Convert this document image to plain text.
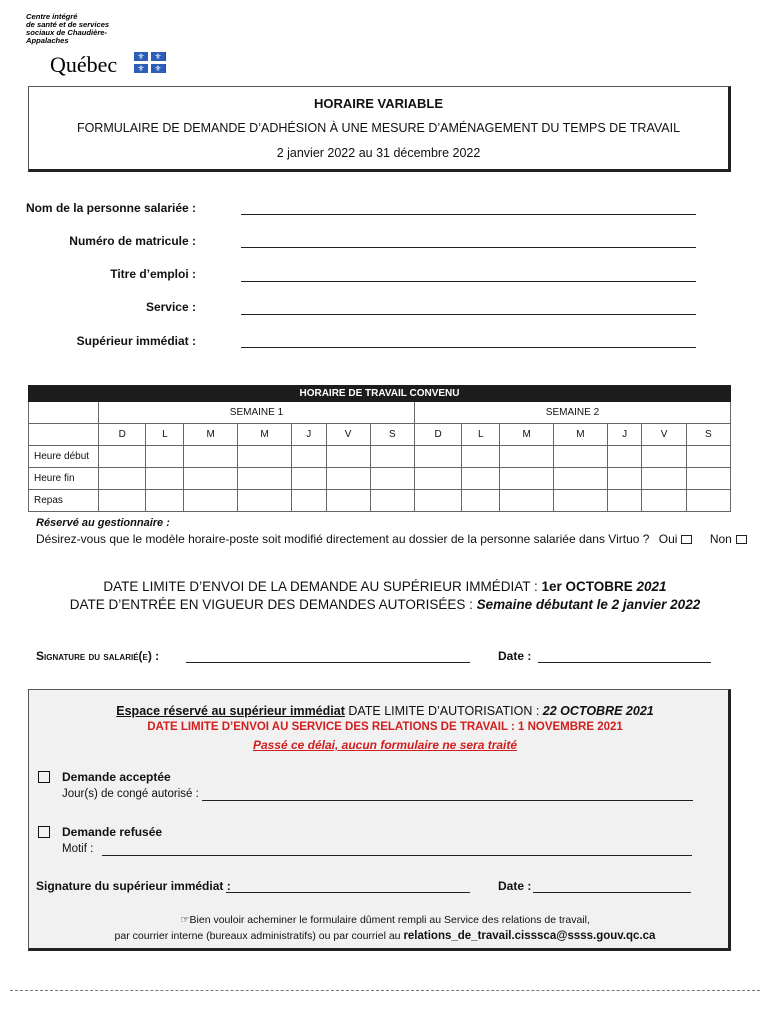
Centre intégré
de santé et de services
sociaux de Chaudière-
Appalaches
Québec	⚜	⚜
⚜	⚜
HORAIRE VARIABLE
FORMULAIRE DE DEMANDE D’ADHÉSION À UNE MESURE D’AMÉNAGEMENT DU TEMPS DE TRAVAIL
2 janvier 2022 au 31 décembre 2022
Nom de la personne salariée :
Numéro de matricule :
Titre d’emploi :
Service :
Supérieur immédiat :
HORAIRE DE TRAVAIL CONVENU														
	SEMAINE 1							SEMAINE 2						
	D	L	M	M	J	V	S	D	L	M	M	J	V	S
Heure début														
Heure fin														
Repas														
Réservé au gestionnaire :
Désirez-vous que le modèle horaire-poste soit modifié directement au dossier de la personne salariée dans Virtuo ? Oui	Non
DATE LIMITE D’ENVOI DE LA DEMANDE AU SUPÉRIEUR IMMÉDIAT : 1er OCTOBRE 2021
DATE D’ENTRÉE EN VIGUEUR DES DEMANDES AUTORISÉES : Semaine débutant le 2 janvier 2022
Signature du salarié(e) :	Date :
Espace réservé au supérieur immédiat DATE LIMITE D’AUTORISATION : 22 OCTOBRE 2021
DATE LIMITE D’ENVOI AU SERVICE DES RELATIONS DE TRAVAIL : 1 NOVEMBRE 2021
Passé ce délai, aucun formulaire ne sera traité
Demande acceptée
Jour(s) de congé autorisé :
Demande refusée
Motif :
Signature du supérieur immédiat :	Date :
☞Bien vouloir acheminer le formulaire dûment rempli au Service des relations de travail,
par courrier interne (bureaux administratifs) ou par courriel au relations_de_travail.cisssca@ssss.gouv.qc.ca
